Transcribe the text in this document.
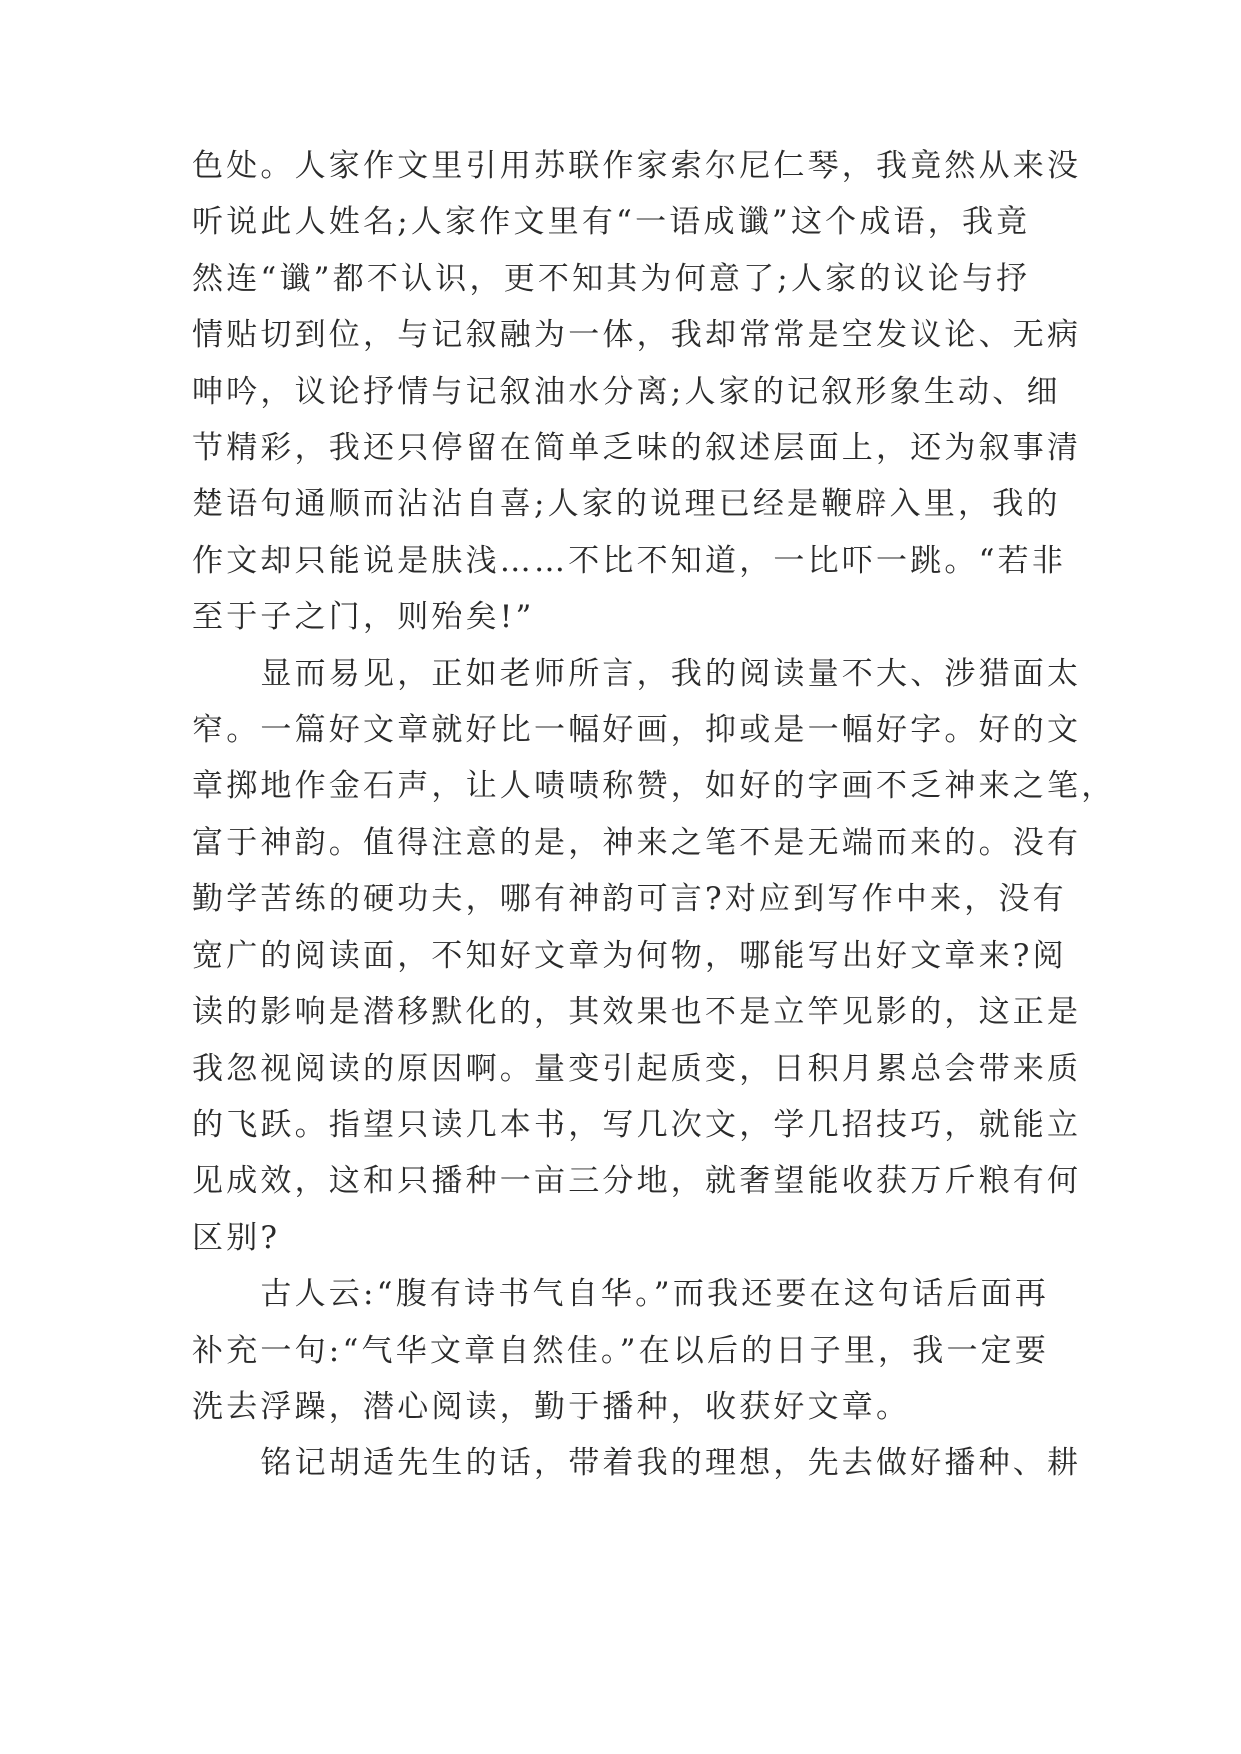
色处。人家作文里引用苏联作家索尔尼仁琴，我竟然从来没

听说此人姓名;人家作文里有“一语成谶”这个成语，我竟

然连“谶”都不认识，更不知其为何意了;人家的议论与抒

情贴切到位，与记叙融为一体，我却常常是空发议论、无病

呻吟，议论抒情与记叙油水分离;人家的记叙形象生动、细

节精彩，我还只停留在简单乏味的叙述层面上，还为叙事清

楚语句通顺而沾沾自喜;人家的说理已经是鞭辟入里，我的

作文却只能说是肤浅……不比不知道，一比吓一跳。“若非

至于子之门，则殆矣!”

　　显而易见，正如老师所言，我的阅读量不大、涉猎面太

窄。一篇好文章就好比一幅好画，抑或是一幅好字。好的文

章掷地作金石声，让人啧啧称赞，如好的字画不乏神来之笔，

富于神韵。值得注意的是，神来之笔不是无端而来的。没有

勤学苦练的硬功夫，哪有神韵可言?对应到写作中来，没有

宽广的阅读面，不知好文章为何物，哪能写出好文章来?阅

读的影响是潜移默化的，其效果也不是立竿见影的，这正是

我忽视阅读的原因啊。量变引起质变，日积月累总会带来质

的飞跃。指望只读几本书，写几次文，学几招技巧，就能立

见成效，这和只播种一亩三分地，就奢望能收获万斤粮有何

区别?

　　古人云:“腹有诗书气自华。”而我还要在这句话后面再

补充一句:“气华文章自然佳。”在以后的日子里，我一定要

洗去浮躁，潜心阅读，勤于播种，收获好文章。

　　铭记胡适先生的话，带着我的理想，先去做好播种、耕
